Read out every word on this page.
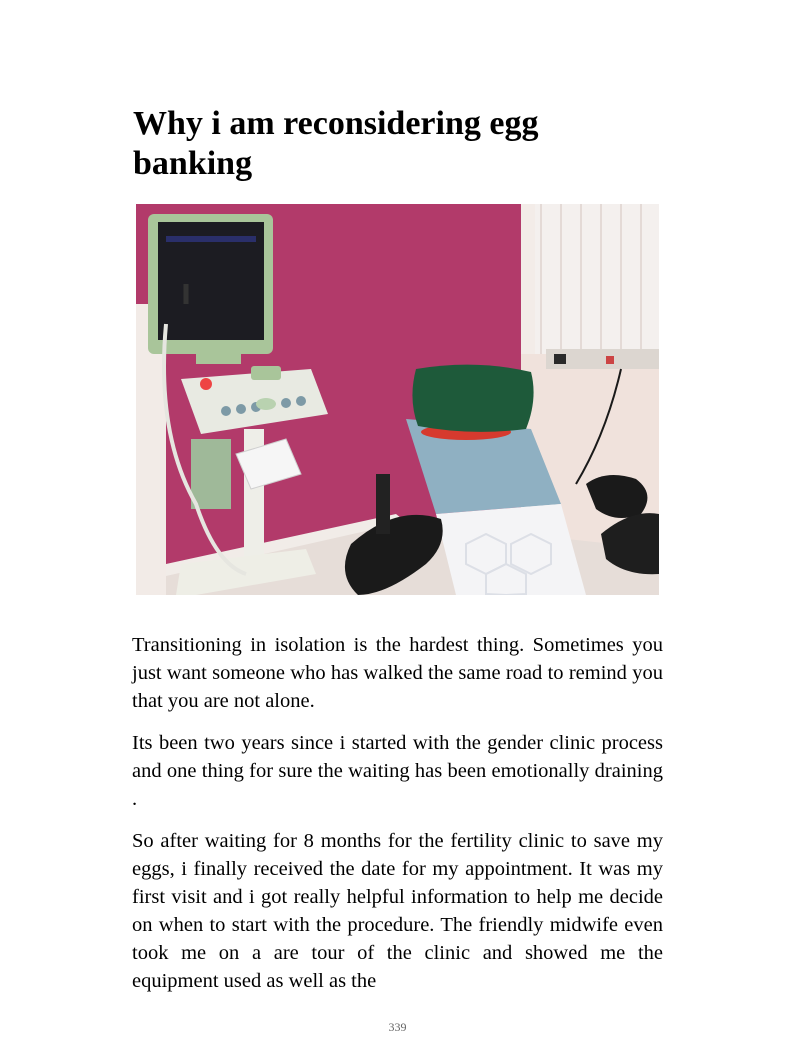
Why i am reconsidering egg banking

Transitioning in isolation is the hardest thing. Sometimes you just want someone who has walked the same road to remind you that you are not alone.

Its been two years since i started with the gender clinic process and one thing for sure the waiting has been emotionally draining .

So after waiting for 8 months for the fertility clinic to save my eggs, i finally received the date for my appointment. It was my first visit and i got really helpful information to help me decide on when to start with the procedure. The friendly midwife even took me on a are tour of the clinic and showed me the equipment used as well as the

339
